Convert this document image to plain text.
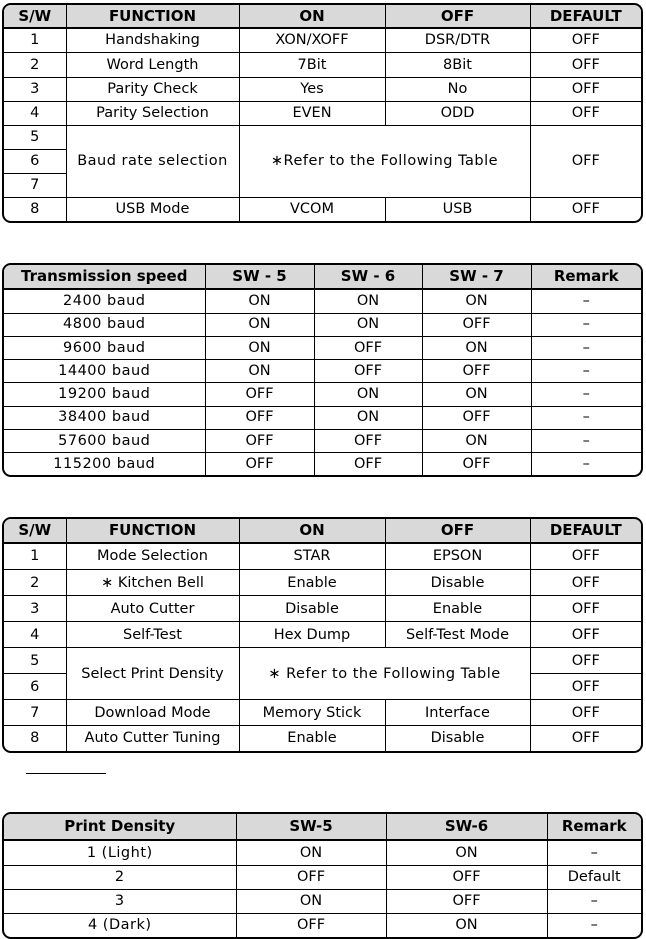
S/W	FUNCTION	ON	OFF	DEFAULT
1	Handshaking	XON/XOFF	DSR/DTR	OFF
2	Word Length	7Bit	8Bit	OFF
3	Parity Check	Yes	No	OFF
4	Parity Selection	EVEN	ODD	OFF
5	Baud rate selection	∗Refer to the Following Table		OFF
6				
7				
8	USB Mode	VCOM	USB	OFF
Transmission speed	SW - 5	SW - 6	SW - 7	Remark
2400 baud	ON	ON	ON	–
4800 baud	ON	ON	OFF	–
9600 baud	ON	OFF	ON	–
14400 baud	ON	OFF	OFF	–
19200 baud	OFF	ON	ON	–
38400 baud	OFF	ON	OFF	–
57600 baud	OFF	OFF	ON	–
115200 baud	OFF	OFF	OFF	–
S/W	FUNCTION	ON	OFF	DEFAULT
1	Mode Selection	STAR	EPSON	OFF
2	∗ Kitchen Bell	Enable	Disable	OFF
3	Auto Cutter	Disable	Enable	OFF
4	Self-Test	Hex Dump	Self-Test Mode	OFF
5	Select Print Density	∗ Refer to the Following Table		OFF
6				OFF
7	Download Mode	Memory Stick	Interface	OFF
8	Auto Cutter Tuning	Enable	Disable	OFF
Print Density	SW-5	SW-6	Remark
1 (Light)	ON	ON	–
2	OFF	OFF	Default
3	ON	OFF	–
4 (Dark)	OFF	ON	–
